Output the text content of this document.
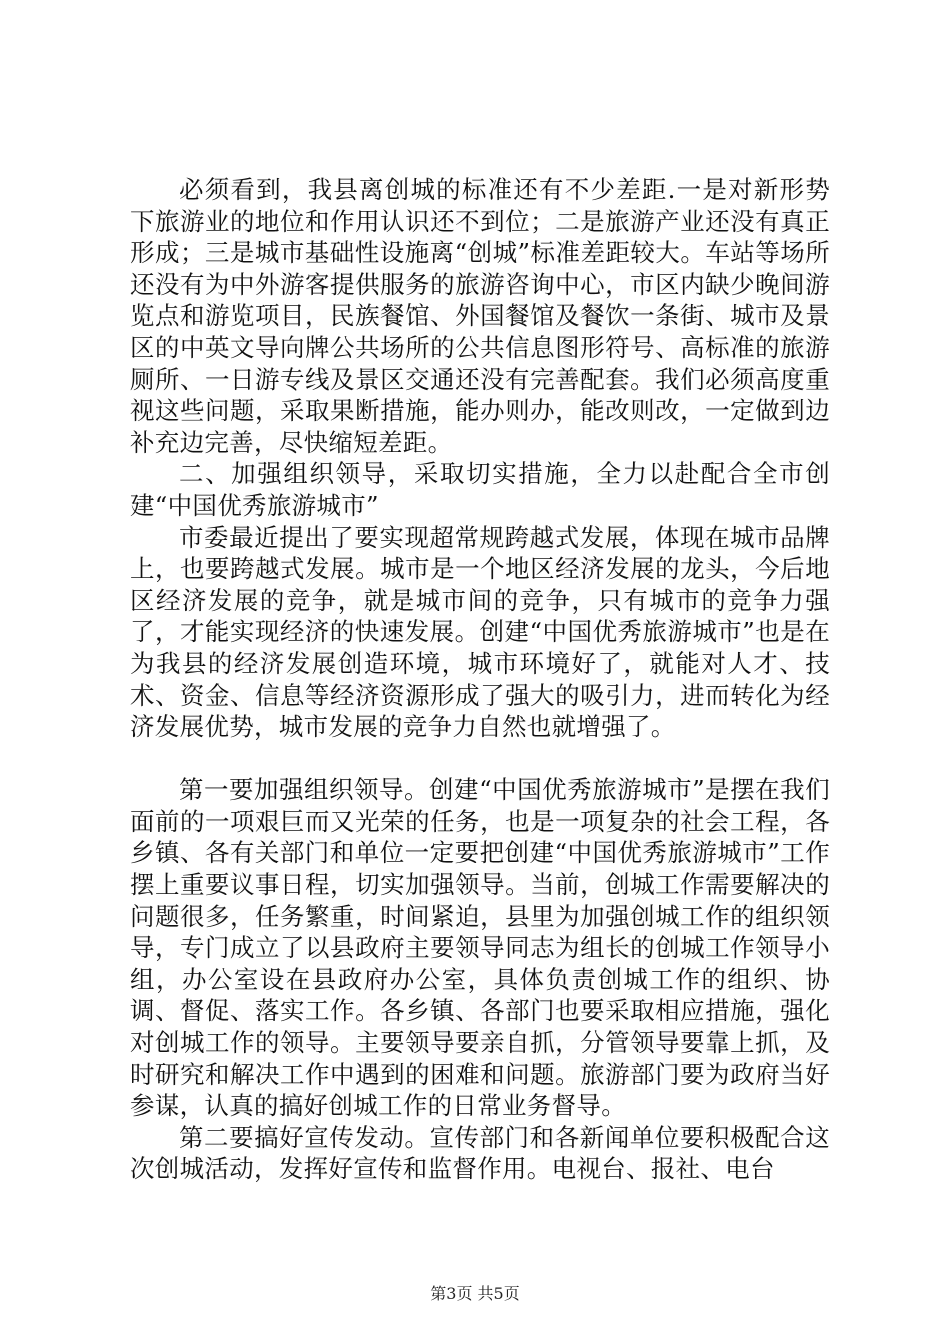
必须看到，我县离创城的标准还有不少差距.一是对新形势下旅游业的地位和作用认识还不到位；二是旅游产业还没有真正形成；三是城市基础性设施离“创城”标准差距较大。车站等场所还没有为中外游客提供服务的旅游咨询中心，市区内缺少晚间游览点和游览项目，民族餐馆、外国餐馆及餐饮一条街、城市及景区的中英文导向牌公共场所的公共信息图形符号、高标准的旅游厕所、一日游专线及景区交通还没有完善配套。我们必须高度重视这些问题，采取果断措施，能办则办，能改则改，一定做到边补充边完善，尽快缩短差距。

二、加强组织领导，采取切实措施，全力以赴配合全市创建“中国优秀旅游城市”

市委最近提出了要实现超常规跨越式发展，体现在城市品牌上，也要跨越式发展。城市是一个地区经济发展的龙头，今后地区经济发展的竞争，就是城市间的竞争，只有城市的竞争力强了，才能实现经济的快速发展。创建“中国优秀旅游城市”也是在为我县的经济发展创造环境，城市环境好了，就能对人才、技术、资金、信息等经济资源形成了强大的吸引力，进而转化为经济发展优势，城市发展的竞争力自然也就增强了。

第一要加强组织领导。创建“中国优秀旅游城市”是摆在我们面前的一项艰巨而又光荣的任务，也是一项复杂的社会工程，各乡镇、各有关部门和单位一定要把创建“中国优秀旅游城市”工作摆上重要议事日程，切实加强领导。当前，创城工作需要解决的问题很多，任务繁重，时间紧迫，县里为加强创城工作的组织领导，专门成立了以县政府主要领导同志为组长的创城工作领导小组，办公室设在县政府办公室，具体负责创城工作的组织、协调、督促、落实工作。各乡镇、各部门也要采取相应措施，强化对创城工作的领导。主要领导要亲自抓，分管领导要靠上抓，及时研究和解决工作中遇到的困难和问题。旅游部门要为政府当好参谋，认真的搞好创城工作的日常业务督导。

第二要搞好宣传发动。宣传部门和各新闻单位要积极配合这次创城活动，发挥好宣传和监督作用。电视台、报社、电台

第3页 共5页
